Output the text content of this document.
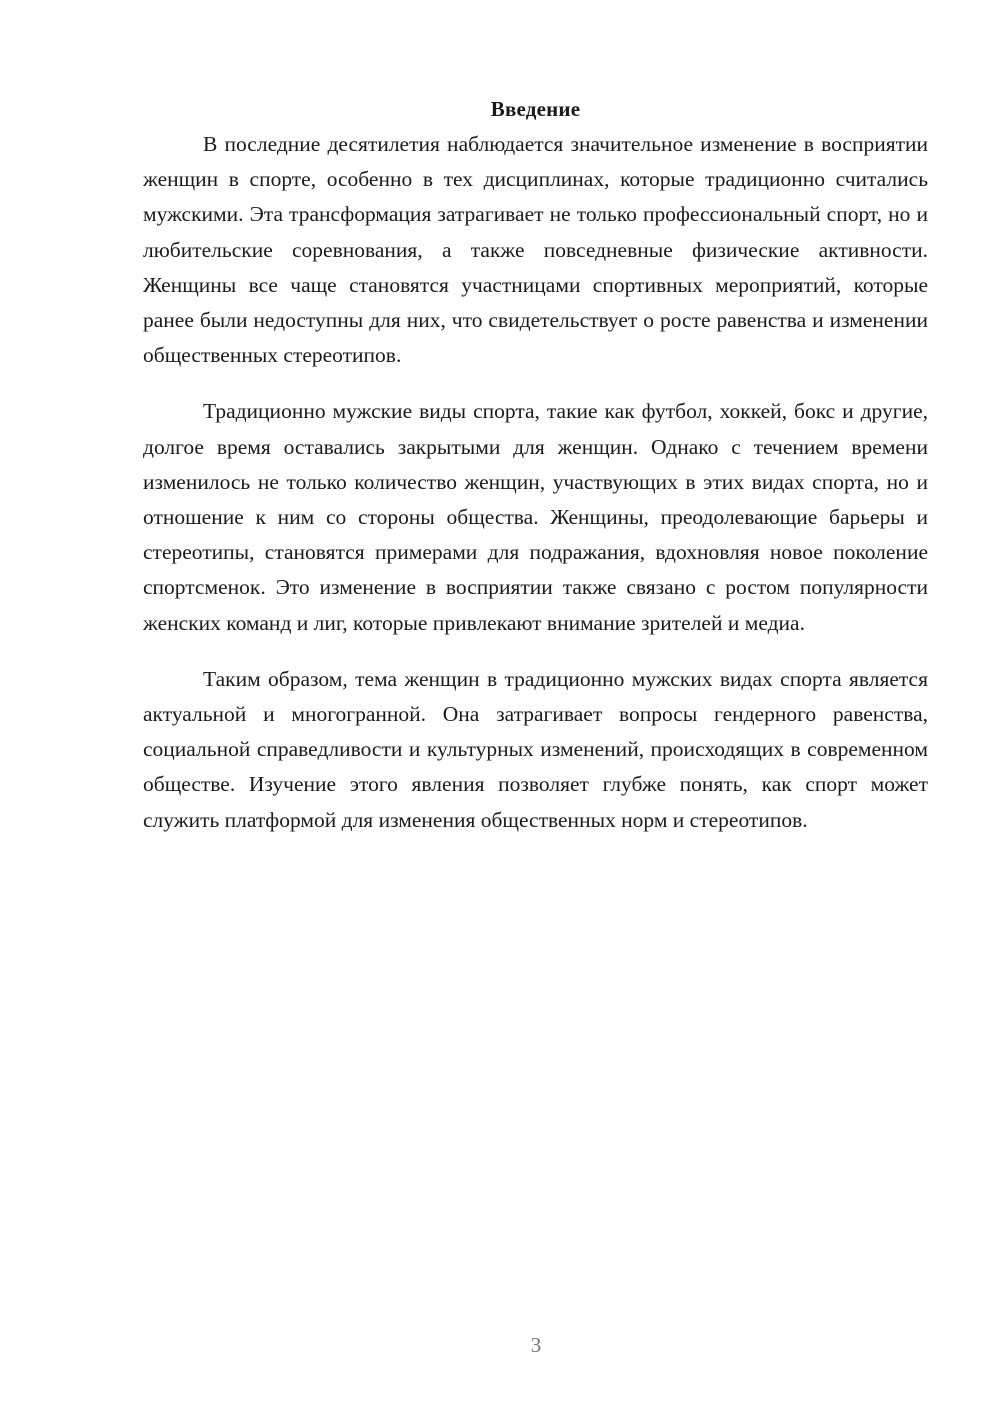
Введение

В последние десятилетия наблюдается значительное изменение в восприятии женщин в спорте, особенно в тех дисциплинах, которые традиционно считались мужскими. Эта трансформация затрагивает не только профессиональный спорт, но и любительские соревнования, а также повседневные физические активности. Женщины все чаще становятся участницами спортивных мероприятий, которые ранее были недоступны для них, что свидетельствует о росте равенства и изменении общественных стереотипов.

Традиционно мужские виды спорта, такие как футбол, хоккей, бокс и другие, долгое время оставались закрытыми для женщин. Однако с течением времени изменилось не только количество женщин, участвующих в этих видах спорта, но и отношение к ним со стороны общества. Женщины, преодолевающие барьеры и стереотипы, становятся примерами для подражания, вдохновляя новое поколение спортсменок. Это изменение в восприятии также связано с ростом популярности женских команд и лиг, которые привлекают внимание зрителей и медиа.

Таким образом, тема женщин в традиционно мужских видах спорта является актуальной и многогранной. Она затрагивает вопросы гендерного равенства, социальной справедливости и культурных изменений, происходящих в современном обществе. Изучение этого явления позволяет глубже понять, как спорт может служить платформой для изменения общественных норм и стереотипов.

3
